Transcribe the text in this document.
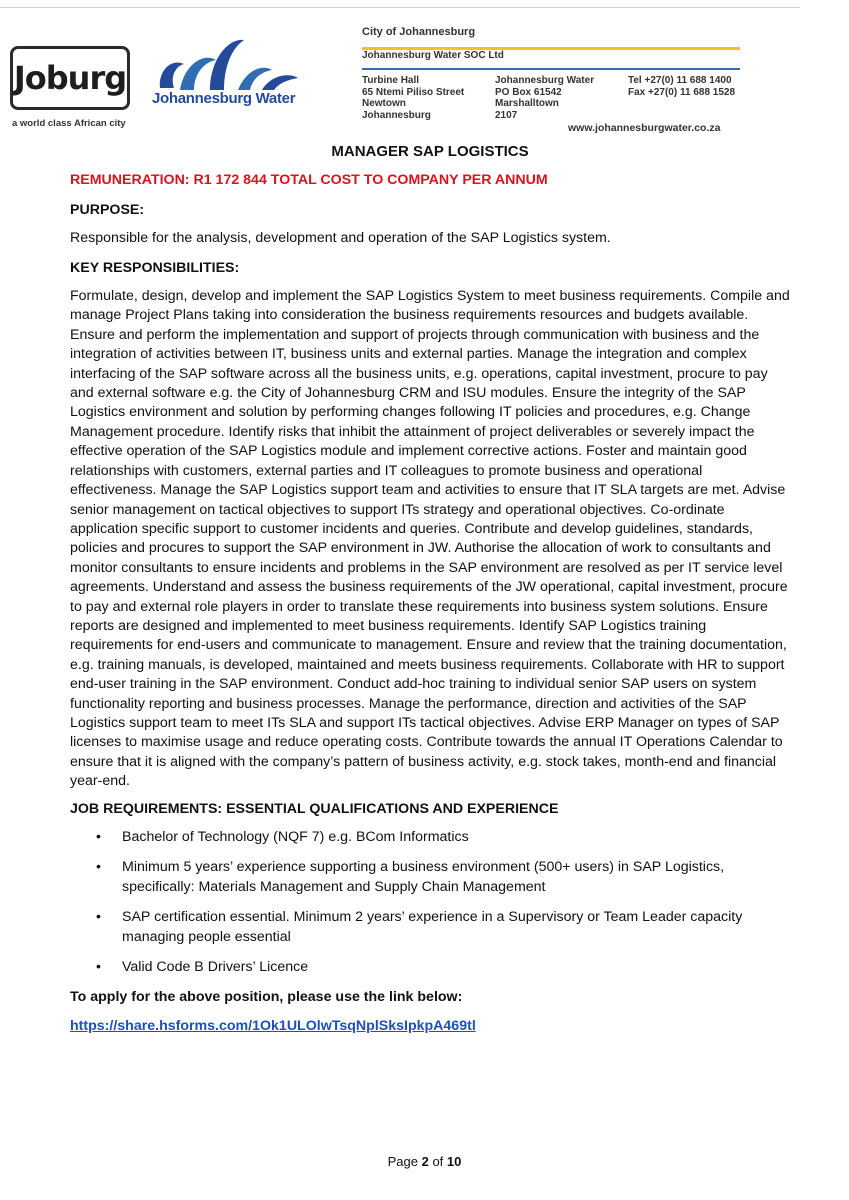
Joburg
a world class African city
Johannesburg Water
City of Johannesburg
Johannesburg Water SOC Ltd
Turbine Hall
65 Ntemi Piliso Street
Newtown
Johannesburg
Johannesburg Water
PO Box 61542
Marshalltown
2107
Tel +27(0) 11 688 1400
Fax +27(0) 11 688 1528
www.johannesburgwater.co.za
MANAGER SAP LOGISTICS
REMUNERATION: R1 172 844 TOTAL COST TO COMPANY PER ANNUM
PURPOSE:
Responsible for the analysis, development and operation of the SAP Logistics system.
KEY RESPONSIBILITIES:
Formulate, design, develop and implement the SAP Logistics System to meet business requirements. Compile and manage Project Plans taking into consideration the business requirements resources and budgets available. Ensure and perform the implementation and support of projects through communication with business and the integration of activities between IT, business units and external parties. Manage the integration and complex interfacing of the SAP software across all the business units, e.g. operations, capital investment, procure to pay and external software e.g. the City of Johannesburg CRM and ISU modules. Ensure the integrity of the SAP Logistics environment and solution by performing changes following IT policies and procedures, e.g. Change Management procedure. Identify risks that inhibit the attainment of project deliverables or severely impact the effective operation of the SAP Logistics module and implement corrective actions. Foster and maintain good relationships with customers, external parties and IT colleagues to promote business and operational effectiveness. Manage the SAP Logistics support team and activities to ensure that IT SLA targets are met. Advise senior management on tactical objectives to support ITs strategy and operational objectives. Co-ordinate application specific support to customer incidents and queries. Contribute and develop guidelines, standards, policies and procures to support the SAP environment in JW. Authorise the allocation of work to consultants and monitor consultants to ensure incidents and problems in the SAP environment are resolved as per IT service level agreements. Understand and assess the business requirements of the JW operational, capital investment, procure to pay and external role players in order to translate these requirements into business system solutions. Ensure reports are designed and implemented to meet business requirements. Identify SAP Logistics training requirements for end-users and communicate to management. Ensure and review that the training documentation, e.g. training manuals, is developed, maintained and meets business requirements. Collaborate with HR to support end-user training in the SAP environment. Conduct add-hoc training to individual senior SAP users on system functionality reporting and business processes. Manage the performance, direction and activities of the SAP Logistics support team to meet ITs SLA and support ITs tactical objectives. Advise ERP Manager on types of SAP licenses to maximise usage and reduce operating costs. Contribute towards the annual IT Operations Calendar to ensure that it is aligned with the company’s pattern of business activity, e.g. stock takes, month-end and financial year-end.
JOB REQUIREMENTS: ESSENTIAL QUALIFICATIONS AND EXPERIENCE
• Bachelor of Technology (NQF 7) e.g. BCom Informatics
• Minimum 5 years’ experience supporting a business environment (500+ users) in SAP Logistics, specifically: Materials Management and Supply Chain Management
• SAP certification essential. Minimum 2 years’ experience in a Supervisory or Team Leader capacity managing people essential
• Valid Code B Drivers’ Licence
To apply for the above position, please use the link below:
https://share.hsforms.com/1Ok1ULOlwTsqNplSksIpkpA469tl
Page 2 of 10
